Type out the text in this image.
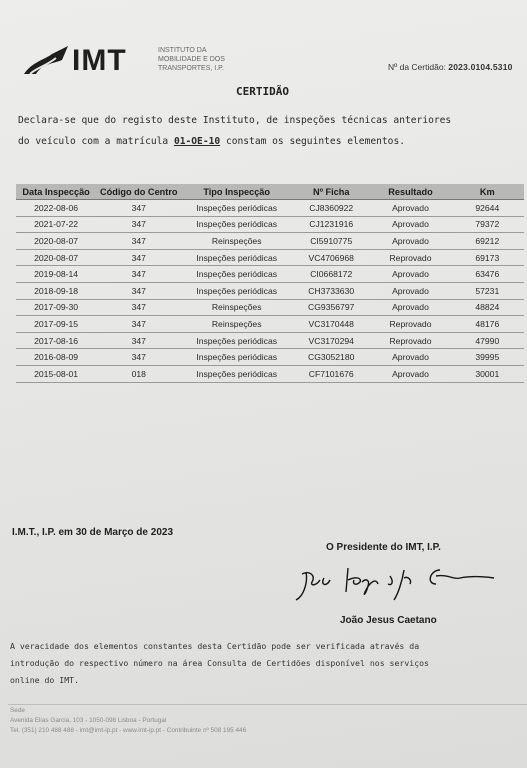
IMT	INSTITUTO DA
MOBILIDADE E DOS
TRANSPORTES, I.P.	Nº da Certidão: 2023.0104.5310
CERTIDÃO
Declara-se que do registo deste Instituto, de inspeções técnicas anteriores
do veículo com a matrícula 01-OE-10 constam os seguintes elementos.
Data Inspecção	Código do Centro	Tipo Inspecção	Nº Ficha	Resultado	Km
2022-08-06	347	Inspeções periódicas	CJ8360922	Aprovado	92644
2021-07-22	347	Inspeções periódicas	CJ1231916	Aprovado	79372
2020-08-07	347	Reinspeções	CI5910775	Aprovado	69212
2020-08-07	347	Inspeções periódicas	VC4706968	Reprovado	69173
2019-08-14	347	Inspeções periódicas	CI0668172	Aprovado	63476
2018-09-18	347	Inspeções periódicas	CH3733630	Aprovado	57231
2017-09-30	347	Reinspeções	CG9356797	Aprovado	48824
2017-09-15	347	Reinspeções	VC3170448	Reprovado	48176
2017-08-16	347	Inspeções periódicas	VC3170294	Reprovado	47990
2016-08-09	347	Inspeções periódicas	CG3052180	Aprovado	39995
2015-08-01	018	Inspeções periódicas	CF7101676	Aprovado	30001
I.M.T., I.P. em 30 de Março de 2023
O Presidente do IMT, I.P.
João Jesus Caetano
A veracidade dos elementos constantes desta Certidão pode ser verificada através da
introdução do respectivo número na área Consulta de Certidões disponível nos serviços
online do IMT.
Sede
Avenida Elias Garcia, 103 - 1050-098 Lisboa - Portugal
Tel. (351) 210 488 488 - imt@imt-ip.pt - www.imt-ip.pt - Contribuinte nº 508 195 446
